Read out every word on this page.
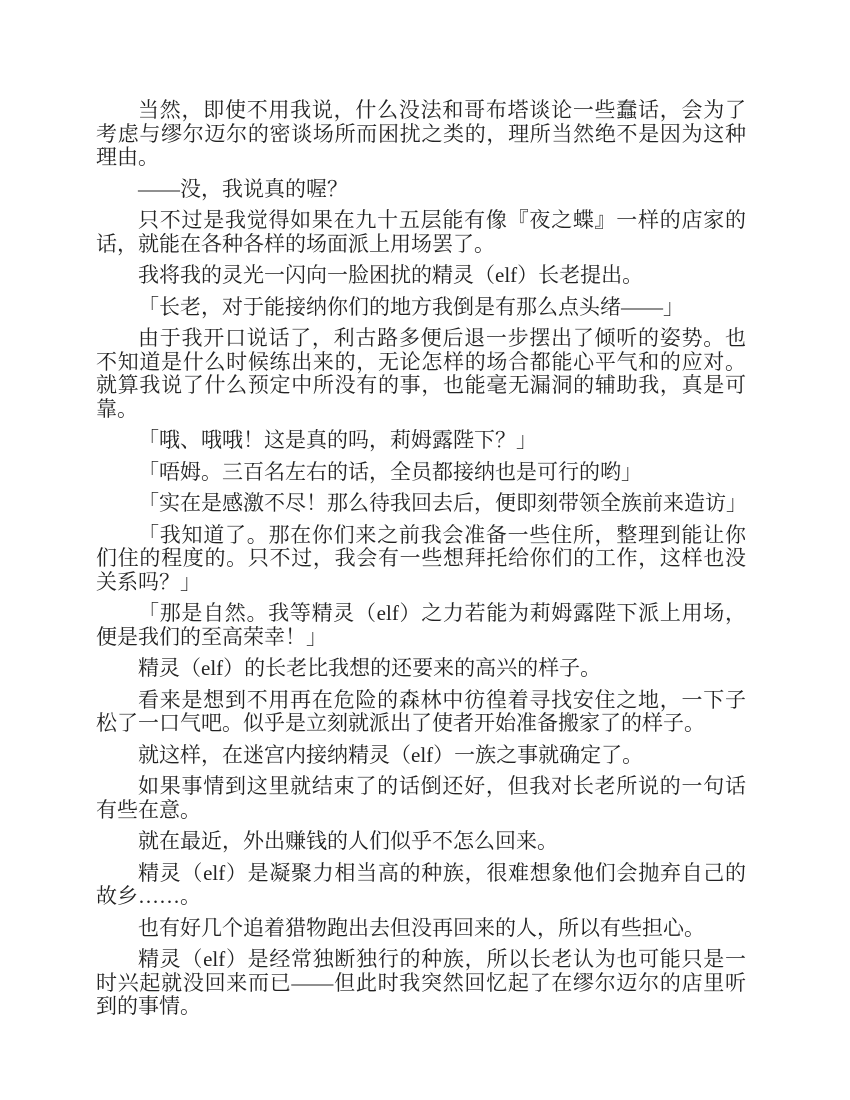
当然，即使不用我说，什么没法和哥布塔谈论一些蠢话，会为了考虑与缪尔迈尔的密谈场所而困扰之类的，理所当然绝不是因为这种理由。

——没，我说真的喔？

只不过是我觉得如果在九十五层能有像『夜之蝶』一样的店家的话，就能在各种各样的场面派上用场罢了。

我将我的灵光一闪向一脸困扰的精灵（elf）长老提出。

「长老，对于能接纳你们的地方我倒是有那么点头绪——」

由于我开口说话了，利古路多便后退一步摆出了倾听的姿势。也不知道是什么时候练出来的，无论怎样的场合都能心平气和的应对。就算我说了什么预定中所没有的事，也能毫无漏洞的辅助我，真是可靠。

「哦、哦哦！这是真的吗，莉姆露陛下？」

「唔姆。三百名左右的话，全员都接纳也是可行的哟」

「实在是感激不尽！那么待我回去后，便即刻带领全族前来造访」

「我知道了。那在你们来之前我会准备一些住所，整理到能让你们住的程度的。只不过，我会有一些想拜托给你们的工作，这样也没关系吗？」

「那是自然。我等精灵（elf）之力若能为莉姆露陛下派上用场，便是我们的至高荣幸！」

精灵（elf）的长老比我想的还要来的高兴的样子。

看来是想到不用再在危险的森林中彷徨着寻找安住之地，一下子松了一口气吧。似乎是立刻就派出了使者开始准备搬家了的样子。

就这样，在迷宫内接纳精灵（elf）一族之事就确定了。

如果事情到这里就结束了的话倒还好，但我对长老所说的一句话有些在意。

就在最近，外出赚钱的人们似乎不怎么回来。

精灵（elf）是凝聚力相当高的种族，很难想象他们会抛弃自己的故乡……。

也有好几个追着猎物跑出去但没再回来的人，所以有些担心。

精灵（elf）是经常独断独行的种族，所以长老认为也可能只是一时兴起就没回来而已——但此时我突然回忆起了在缪尔迈尔的店里听到的事情。
